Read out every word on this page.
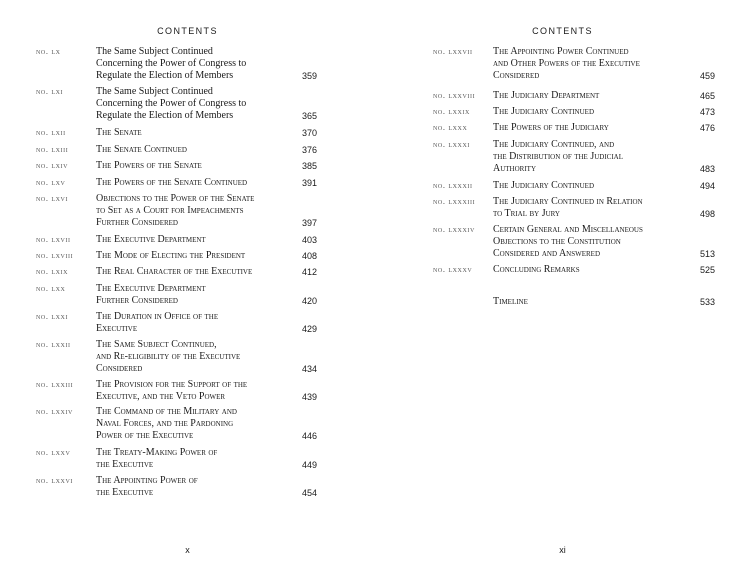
CONTENTS
no. lx	The Same Subject Continued
Concerning the Power of Congress to
Regulate the Election of Members	359
no. lxi	The Same Subject Continued
Concerning the Power of Congress to
Regulate the Election of Members	365
no. lxii	The Senate	370
no. lxiii	The Senate Continued	376
no. lxiv	The Powers of the Senate	385
no. lxv	The Powers of the Senate Continued	391
no. lxvi	Objections to the Power of the Senate
to Set as a Court for Impeachments
Further Considered	397
no. lxvii	The Executive Department	403
no. lxviii The Mode of Electing the President	408
no. lxix	The Real Character of the Executive	412
no. lxx	The Executive Department
Further Considered	420
no. lxxi	The Duration in Office of the
Executive	429
no. lxxii	The Same Subject Continued,
and Re-eligibility of the Executive
Considered	434
no. lxxiii The Provision for the Support of the
Executive, and the Veto Power	439
no. lxxiv The Command of the Military and
Naval Forces, and the Pardoning
Power of the Executive	446
no. lxxv	The Treaty-Making Power of
the Executive	449
no. lxxvi The Appointing Power of
the Executive	454
x
CONTENTS
no. lxxvii The Appointing Power Continued
and Other Powers of the Executive
Considered	459
no. lxxviii The Judiciary Department	465
no. lxxix The Judiciary Continued	473
no. lxxx	The Powers of the Judiciary	476
no. lxxxi The Judiciary Continued, and
the Distribution of the Judicial
Authority	483
no. lxxxii The Judiciary Continued	494
no. lxxxiii The Judiciary Continued in Relation
to Trial by Jury	498
no. lxxxiv Certain General and Miscellaneous
Objections to the Constitution
Considered and Answered	513
no. lxxxv Concluding Remarks	525
Timeline	533
xi
